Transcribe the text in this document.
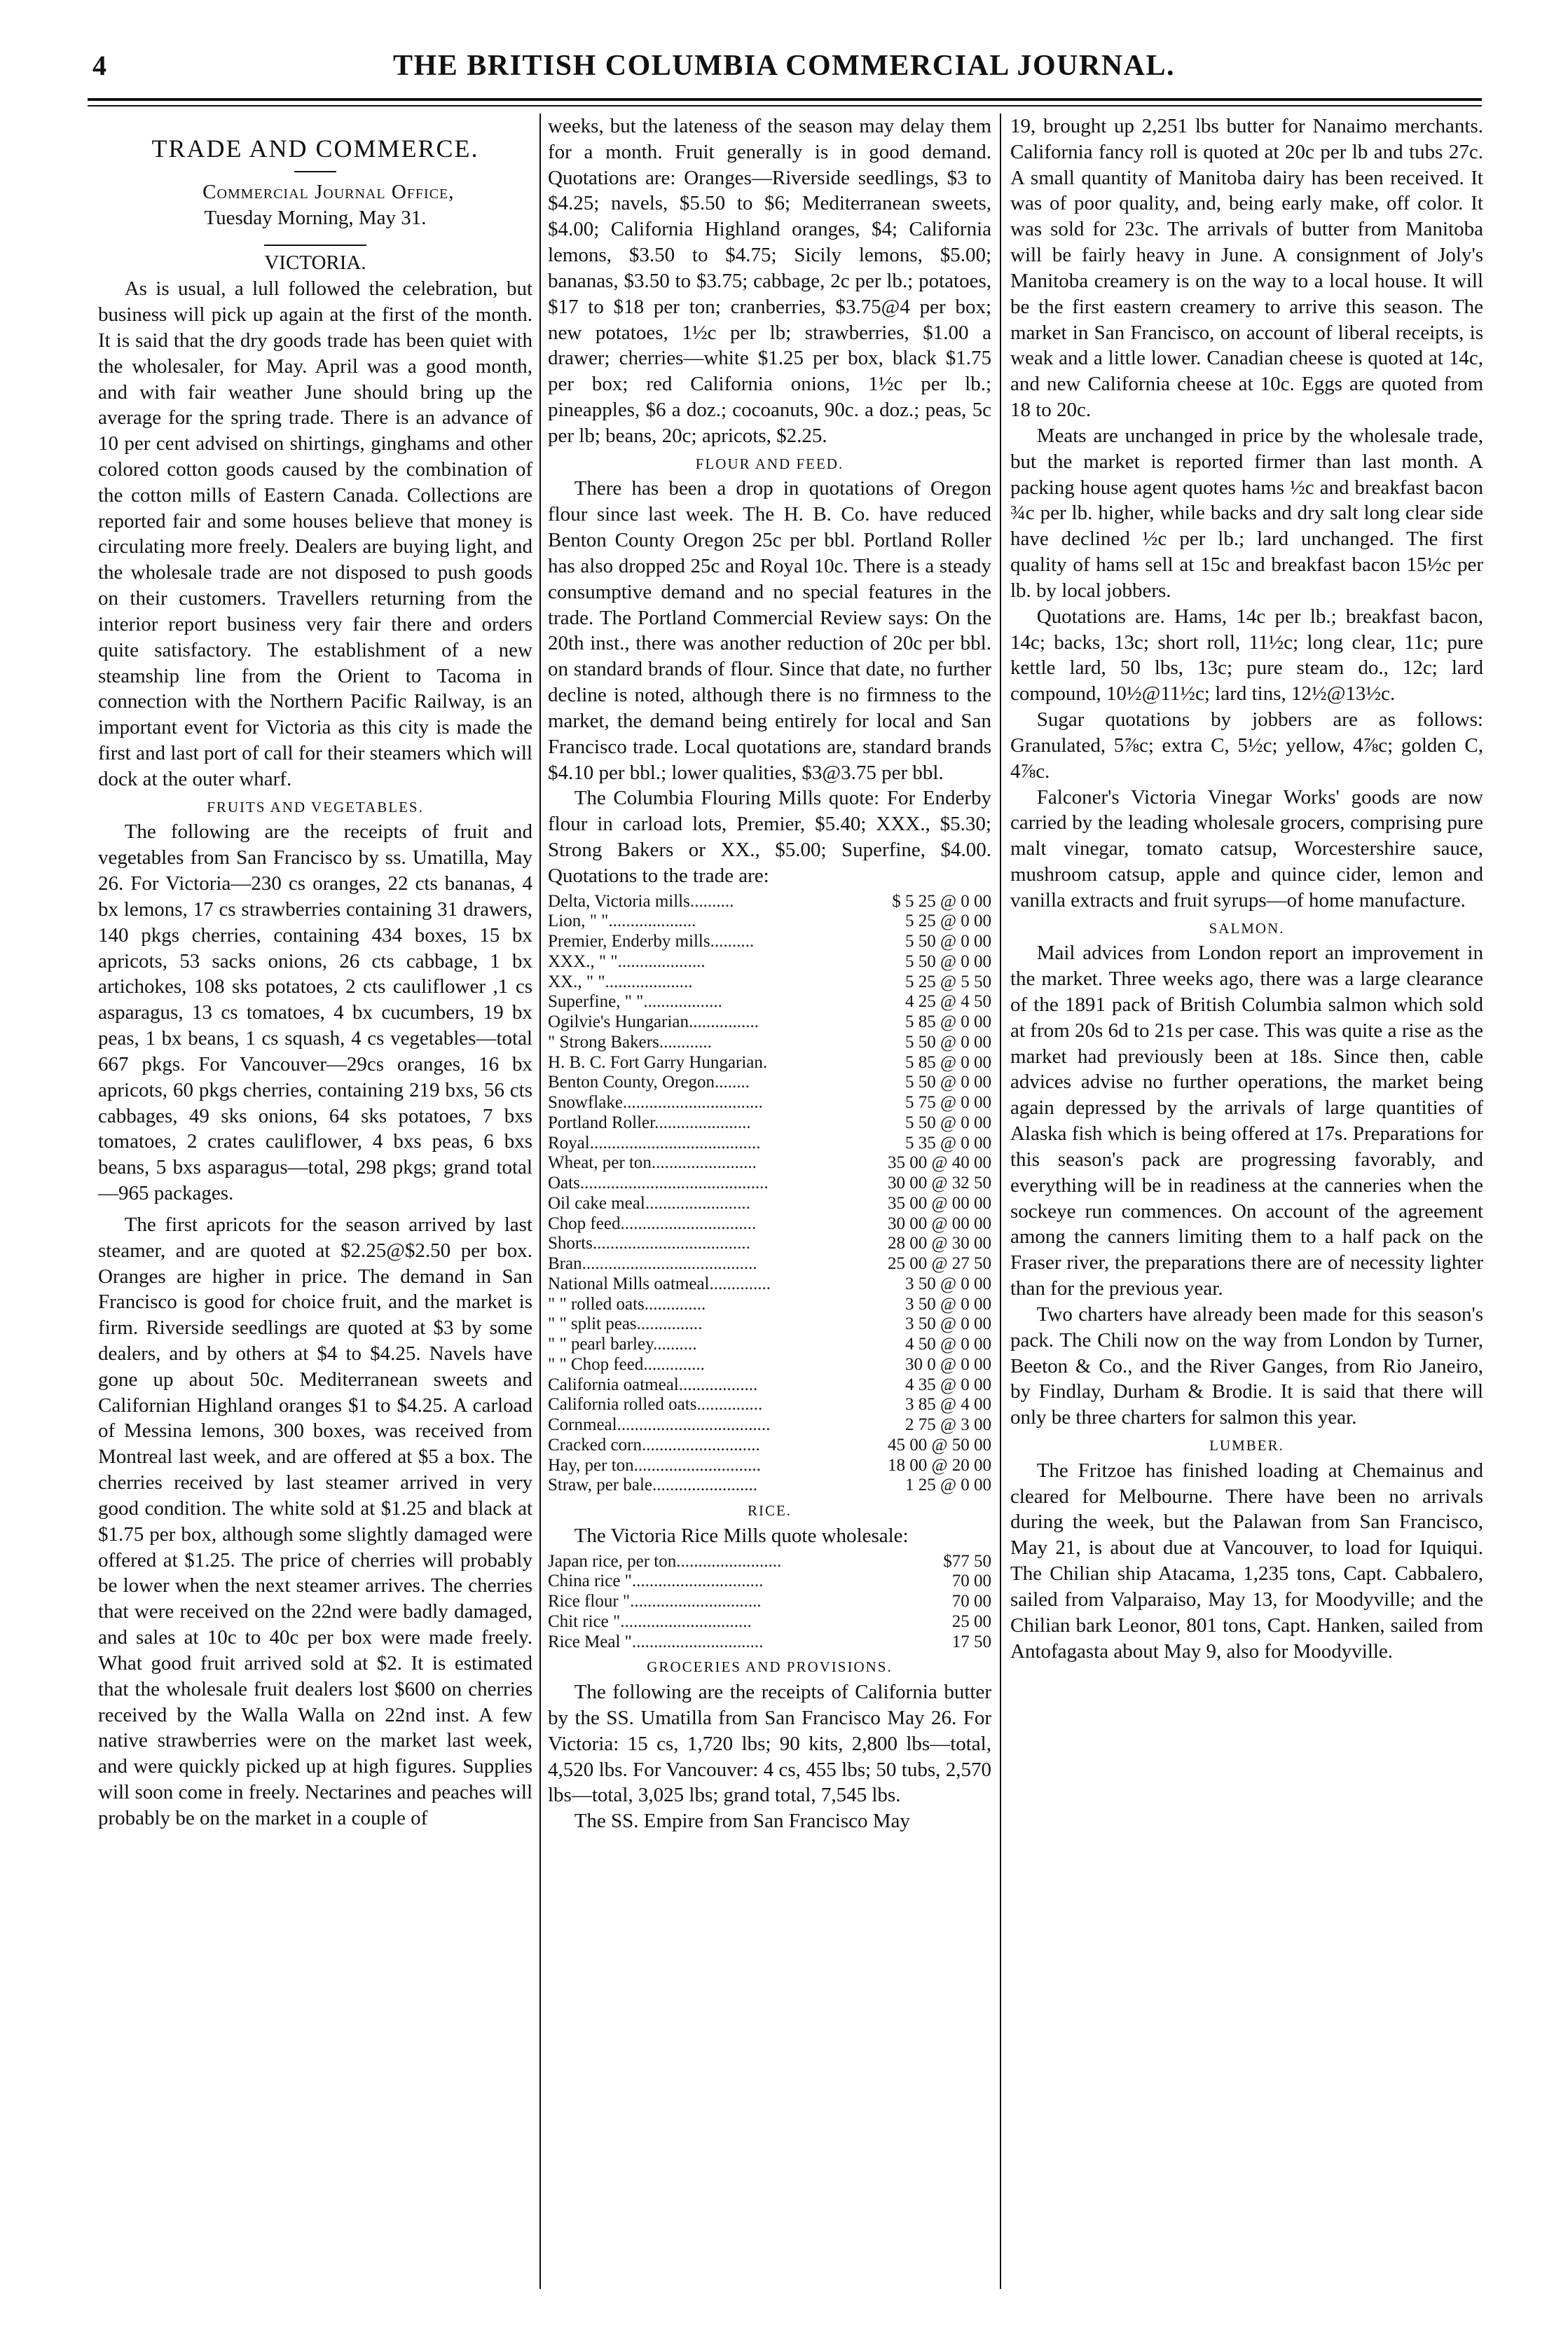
4	THE BRITISH COLUMBIA COMMERCIAL JOURNAL.
TRADE AND COMMERCE.

Commercial Journal Office,

Tuesday Morning, May 31.

VICTORIA.

As is usual, a lull followed the celebration, but business will pick up again at the first of the month. It is said that the dry goods trade has been quiet with the wholesaler, for May. April was a good month, and with fair weather June should bring up the average for the spring trade. There is an advance of 10 per cent advised on shirtings, ginghams and other colored cotton goods caused by the combination of the cotton mills of Eastern Canada. Collections are reported fair and some houses believe that money is circulating more freely. Dealers are buying light, and the wholesale trade are not disposed to push goods on their customers. Travellers returning from the interior report business very fair there and orders quite satisfactory. The establishment of a new steamship line from the Orient to Tacoma in connection with the Northern Pacific Railway, is an important event for Victoria as this city is made the first and last port of call for their steamers which will dock at the outer wharf.

FRUITS AND VEGETABLES.

The following are the receipts of fruit and vegetables from San Francisco by ss. Umatilla, May 26. For Victoria—230 cs oranges, 22 cts bananas, 4 bx lemons, 17 cs strawberries containing 31 drawers, 140 pkgs cherries, containing 434 boxes, 15 bx apricots, 53 sacks onions, 26 cts cabbage, 1 bx artichokes, 108 sks potatoes, 2 cts cauliflower ,1 cs asparagus, 13 cs tomatoes, 4 bx cucumbers, 19 bx peas, 1 bx beans, 1 cs squash, 4 cs vegetables—total 667 pkgs. For Vancouver—29cs oranges, 16 bx apricots, 60 pkgs cherries, containing 219 bxs, 56 cts cabbages, 49 sks onions, 64 sks potatoes, 7 bxs tomatoes, 2 crates cauliflower, 4 bxs peas, 6 bxs beans, 5 bxs asparagus—total, 298 pkgs; grand total—965 packages.

The first apricots for the season arrived by last steamer, and are quoted at $2.25@$2.50 per box. Oranges are higher in price. The demand in San Francisco is good for choice fruit, and the market is firm. Riverside seedlings are quoted at $3 by some dealers, and by others at $4 to $4.25. Navels have gone up about 50c. Mediterranean sweets and Californian Highland oranges $1 to $4.25. A carload of Messina lemons, 300 boxes, was received from Montreal last week, and are offered at $5 a box. The cherries received by last steamer arrived in very good condition. The white sold at $1.25 and black at $1.75 per box, although some slightly damaged were offered at $1.25. The price of cherries will probably be lower when the next steamer arrives. The cherries that were received on the 22nd were badly damaged, and sales at 10c to 40c per box were made freely. What good fruit arrived sold at $2. It is estimated that the wholesale fruit dealers lost $600 on cherries received by the Walla Walla on 22nd inst. A few native strawberries were on the market last week, and were quickly picked up at high figures. Supplies will soon come in freely. Nectarines and peaches will probably be on the market in a couple of

weeks, but the lateness of the season may delay them for a month. Fruit generally is in good demand. Quotations are: Oranges—Riverside seedlings, $3 to $4.25; navels, $5.50 to $6; Mediterranean sweets, $4.00; California Highland oranges, $4; California lemons, $3.50 to $4.75; Sicily lemons, $5.00; bananas, $3.50 to $3.75; cabbage, 2c per lb.; potatoes, $17 to $18 per ton; cranberries, $3.75@4 per box; new potatoes, 1½c per lb; strawberries, $1.00 a drawer; cherries—white $1.25 per box, black $1.75 per box; red California onions, 1½c per lb.; pineapples, $6 a doz.; cocoanuts, 90c. a doz.; peas, 5c per lb; beans, 20c; apricots, $2.25.

FLOUR AND FEED.

There has been a drop in quotations of Oregon flour since last week. The H. B. Co. have reduced Benton County Oregon 25c per bbl. Portland Roller has also dropped 25c and Royal 10c. There is a steady consumptive demand and no special features in the trade. The Portland Commercial Review says: On the 20th inst., there was another reduction of 20c per bbl. on standard brands of flour. Since that date, no further decline is noted, although there is no firmness to the market, the demand being entirely for local and San Francisco trade. Local quotations are, standard brands $4.10 per bbl.; lower qualities, $3@3.75 per bbl.

The Columbia Flouring Mills quote: For Enderby flour in carload lots, Premier, $5.40; XXX., $5.30; Strong Bakers or XX., $5.00; Superfine, $4.00. Quotations to the trade are:

Delta, Victoria mills..........	$ 5 25 @ 0 00
Lion, " "....................	5 25 @ 0 00
Premier, Enderby mills..........	5 50 @ 0 00
XXX., " "....................	5 50 @ 0 00
XX., " "....................	5 25 @ 5 50
Superfine, " "..................	4 25 @ 4 50
Ogilvie's Hungarian................	5 85 @ 0 00
" Strong Bakers............	5 50 @ 0 00
H. B. C. Fort Garry Hungarian.	5 85 @ 0 00
Benton County, Oregon........	5 50 @ 0 00
Snowflake................................	5 75 @ 0 00
Portland Roller......................	5 50 @ 0 00
Royal.......................................	5 35 @ 0 00
Wheat, per ton........................	35 00 @ 40 00
Oats...........................................	30 00 @ 32 50
Oil cake meal........................	35 00 @ 00 00
Chop feed...............................	30 00 @ 00 00
Shorts....................................	28 00 @ 30 00
Bran........................................	25 00 @ 27 50
National Mills oatmeal..............	3 50 @ 0 00
" " rolled oats..............	3 50 @ 0 00
" " split peas...............	3 50 @ 0 00
" " pearl barley..........	4 50 @ 0 00
" " Chop feed..............	30 0 @ 0 00
California oatmeal..................	4 35 @ 0 00
California rolled oats...............	3 85 @ 4 00
Cornmeal...................................	2 75 @ 3 00
Cracked corn...........................	45 00 @ 50 00
Hay, per ton.............................	18 00 @ 20 00
Straw, per bale........................	1 25 @ 0 00
RICE.

The Victoria Rice Mills quote wholesale:

Japan rice, per ton........................	$77 50
China rice "..............................	70 00
Rice flour "..............................	70 00
Chit rice "..............................	25 00
Rice Meal "..............................	17 50
GROCERIES AND PROVISIONS.

The following are the receipts of California butter by the SS. Umatilla from San Francisco May 26. For Victoria: 15 cs, 1,720 lbs; 90 kits, 2,800 lbs—total, 4,520 lbs. For Vancouver: 4 cs, 455 lbs; 50 tubs, 2,570 lbs—total, 3,025 lbs; grand total, 7,545 lbs.

The SS. Empire from San Francisco May

19, brought up 2,251 lbs butter for Nanaimo merchants. California fancy roll is quoted at 20c per lb and tubs 27c. A small quantity of Manitoba dairy has been received. It was of poor quality, and, being early make, off color. It was sold for 23c. The arrivals of butter from Manitoba will be fairly heavy in June. A consignment of Joly's Manitoba creamery is on the way to a local house. It will be the first eastern creamery to arrive this season. The market in San Francisco, on account of liberal receipts, is weak and a little lower. Canadian cheese is quoted at 14c, and new California cheese at 10c. Eggs are quoted from 18 to 20c.

Meats are unchanged in price by the wholesale trade, but the market is reported firmer than last month. A packing house agent quotes hams ½c and breakfast bacon ¾c per lb. higher, while backs and dry salt long clear side have declined ½c per lb.; lard unchanged. The first quality of hams sell at 15c and breakfast bacon 15½c per lb. by local jobbers.

Quotations are. Hams, 14c per lb.; breakfast bacon, 14c; backs, 13c; short roll, 11½c; long clear, 11c; pure kettle lard, 50 lbs, 13c; pure steam do., 12c; lard compound, 10½@11½c; lard tins, 12½@13½c.

Sugar quotations by jobbers are as follows: Granulated, 5⅞c; extra C, 5½c; yellow, 4⅞c; golden C, 4⅞c.

Falconer's Victoria Vinegar Works' goods are now carried by the leading wholesale grocers, comprising pure malt vinegar, tomato catsup, Worcestershire sauce, mushroom catsup, apple and quince cider, lemon and vanilla extracts and fruit syrups—of home manufacture.

SALMON.

Mail advices from London report an improvement in the market. Three weeks ago, there was a large clearance of the 1891 pack of British Columbia salmon which sold at from 20s 6d to 21s per case. This was quite a rise as the market had previously been at 18s. Since then, cable advices advise no further operations, the market being again depressed by the arrivals of large quantities of Alaska fish which is being offered at 17s. Preparations for this season's pack are progressing favorably, and everything will be in readiness at the canneries when the sockeye run commences. On account of the agreement among the canners limiting them to a half pack on the Fraser river, the preparations there are of necessity lighter than for the previous year.

Two charters have already been made for this season's pack. The Chili now on the way from London by Turner, Beeton & Co., and the River Ganges, from Rio Janeiro, by Findlay, Durham & Brodie. It is said that there will only be three charters for salmon this year.

LUMBER.

The Fritzoe has finished loading at Chemainus and cleared for Melbourne. There have been no arrivals during the week, but the Palawan from San Francisco, May 21, is about due at Vancouver, to load for Iquiqui. The Chilian ship Atacama, 1,235 tons, Capt. Cabbalero, sailed from Valparaiso, May 13, for Moodyville; and the Chilian bark Leonor, 801 tons, Capt. Hanken, sailed from Antofagasta about May 9, also for Moodyville.
